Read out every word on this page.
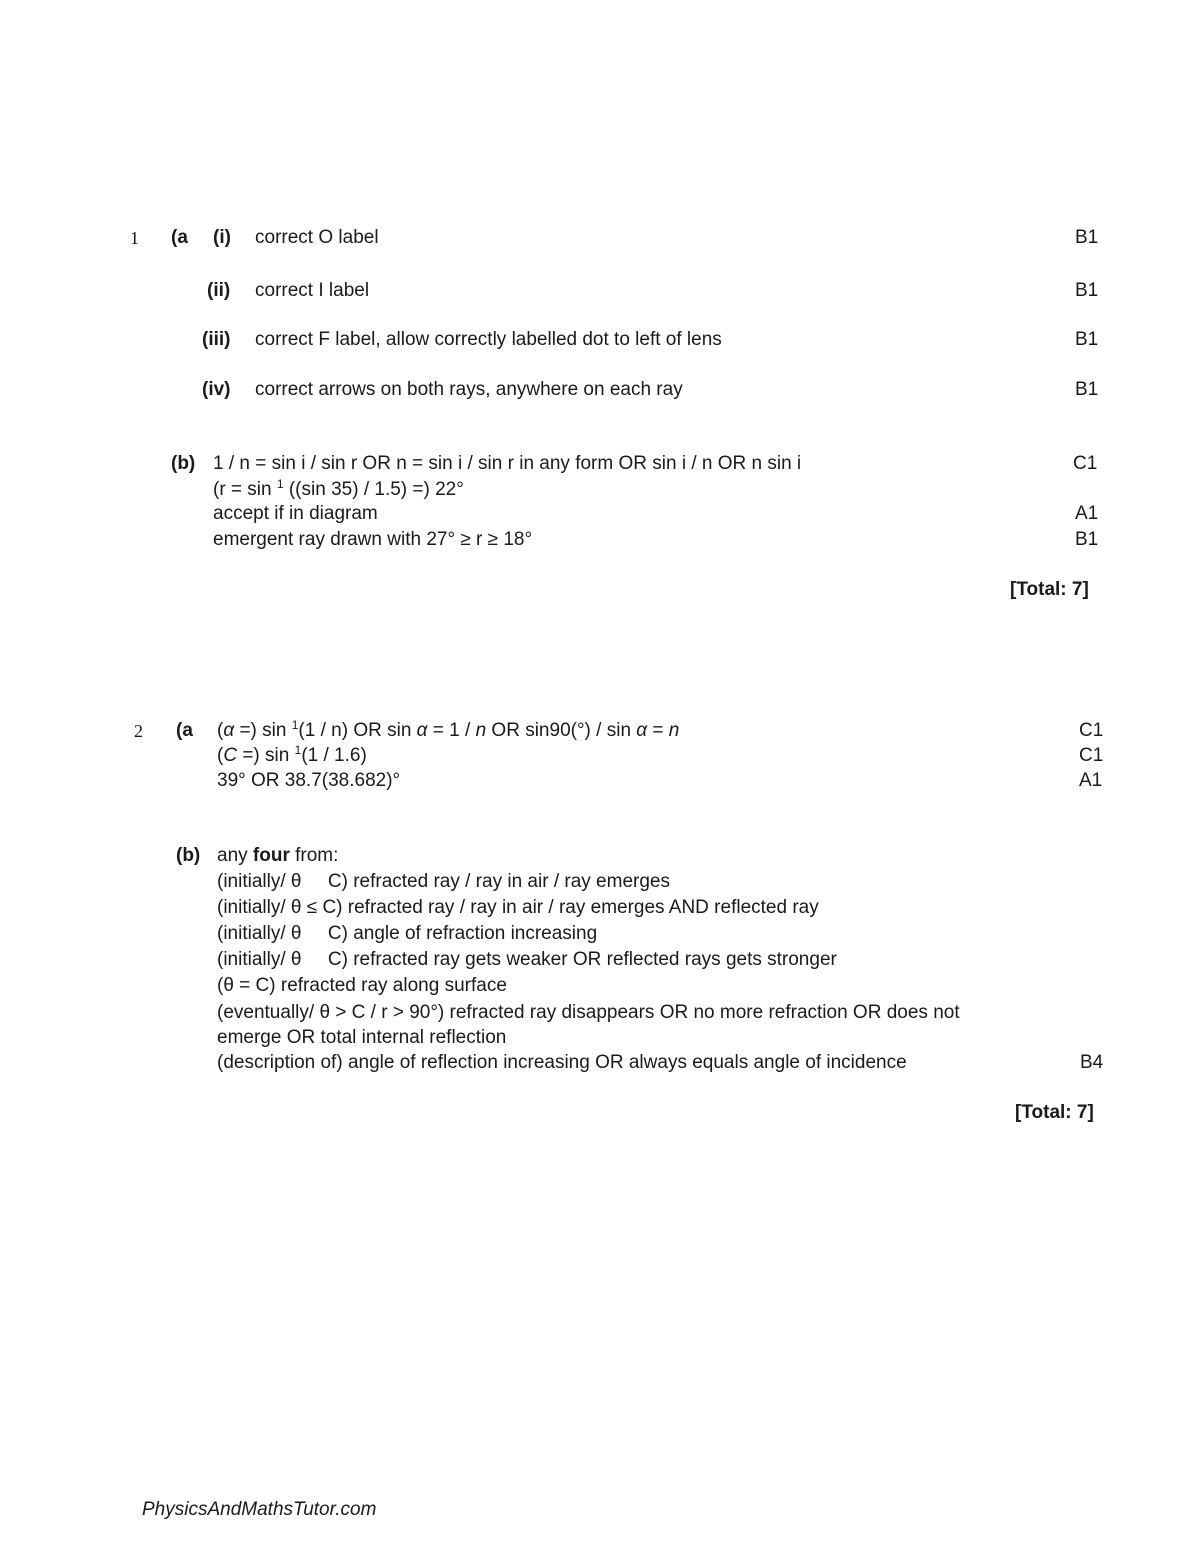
1 (a (i) correct O label	B1
(ii) correct I label	B1
(iii) correct F label, allow correctly labelled dot to left of lens	B1
(iv) correct arrows on both rays, anywhere on each ray	B1
(b) 1 / n = sin i / sin r OR n = sin i / sin r in any form OR sin i / n OR n sin i	C1
(r = sin $^1$ ((sin 35) / 1.5) =) 22°
accept if in diagram	A1
emergent ray drawn with 27° ≥ r ≥ 18°	B1
[Total: 7]
2 (a (α =) sin $^1$(1 / n) OR sin α = 1 / n OR sin90(°) / sin α = n	C1
(C =) sin $^1$(1 / 1.6)	C1
39° OR 38.7(38.682)°	A1
(b) any four from:
(initially/ θ     C) refracted ray / ray in air / ray emerges
(initially/ θ ≤ C) refracted ray / ray in air / ray emerges AND reflected ray
(initially/ θ     C) angle of refraction increasing
(initially/ θ     C) refracted ray gets weaker OR reflected rays gets stronger
(θ = C) refracted ray along surface
(eventually/ θ > C / r > 90°) refracted ray disappears OR no more refraction OR does not
emerge OR total internal reflection
(description of) angle of reflection increasing OR always equals angle of incidence	B4
[Total: 7]
PhysicsAndMathsTutor.com
